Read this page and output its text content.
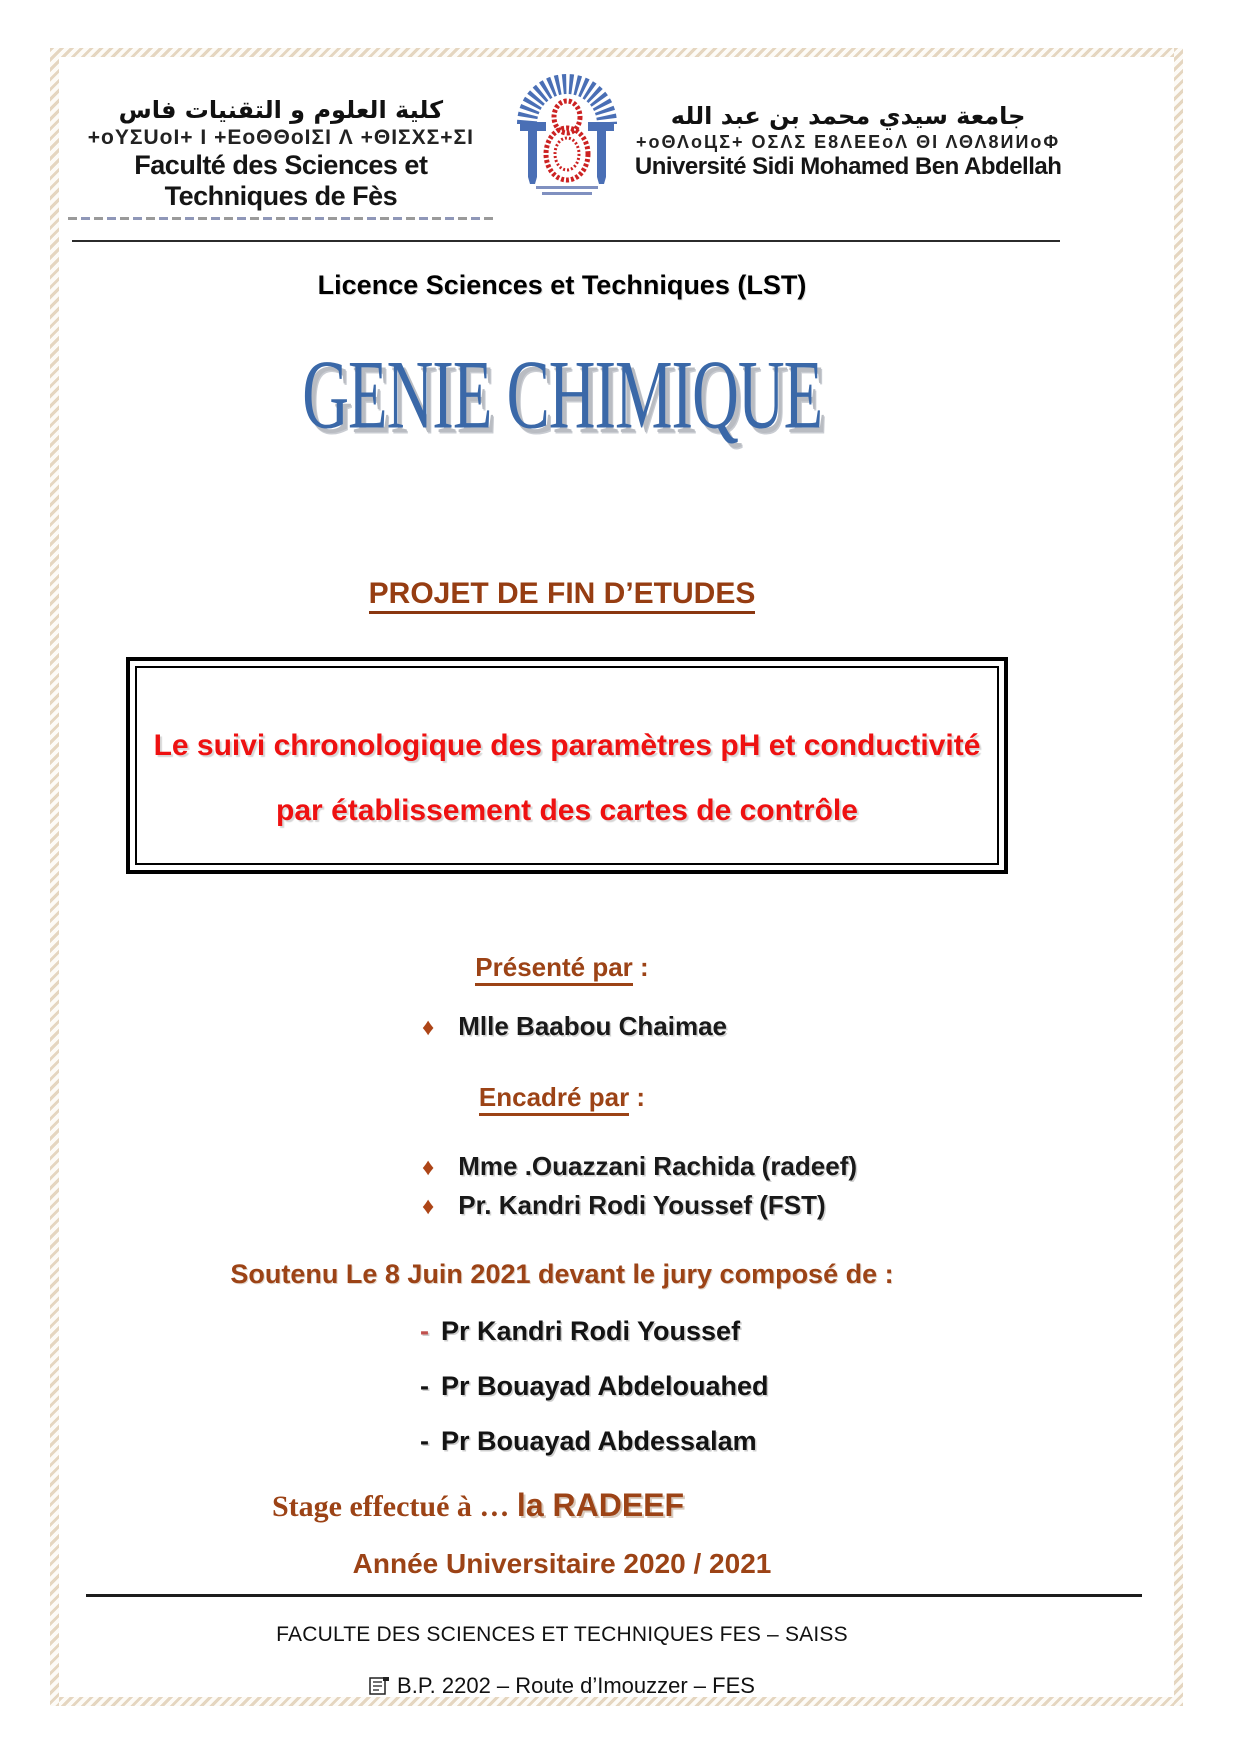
كلية العلوم و التقنيات فاس
+oYΣUoI+ I +ΕoΘΘoIΣI Λ +ΘΙΣΧΣ+ΣΙ
Faculté des Sciences et Techniques de Fès
جامعة سيدي محمد بن عبد الله
+oΘΛoЦΣ+ ΟΣΛΣ Ε8ΛΕΕοΛ ΘΙ ΛΘΛ8ИИοΦ
Université Sidi Mohamed Ben Abdellah
Licence Sciences et Techniques (LST)
GENIE CHIMIQUE
PROJET DE FIN D’ETUDES
Le suivi chronologique des paramètres pH et conductivité
par établissement des cartes de contrôle
Présenté par :
♦ Mlle Baabou Chaimae
Encadré par :
♦ Mme .Ouazzani Rachida (radeef)
♦ Pr. Kandri Rodi Youssef (FST)
Soutenu Le 8 Juin 2021 devant le jury composé de :
- Pr Kandri Rodi Youssef
- Pr Bouayad Abdelouahed
- Pr Bouayad Abdessalam
Stage effectué à … la RADEEF
Année Universitaire 2020 / 2021
FACULTE DES SCIENCES ET TECHNIQUES FES – SAISS
B.P. 2202 – Route d’Imouzzer – FES
